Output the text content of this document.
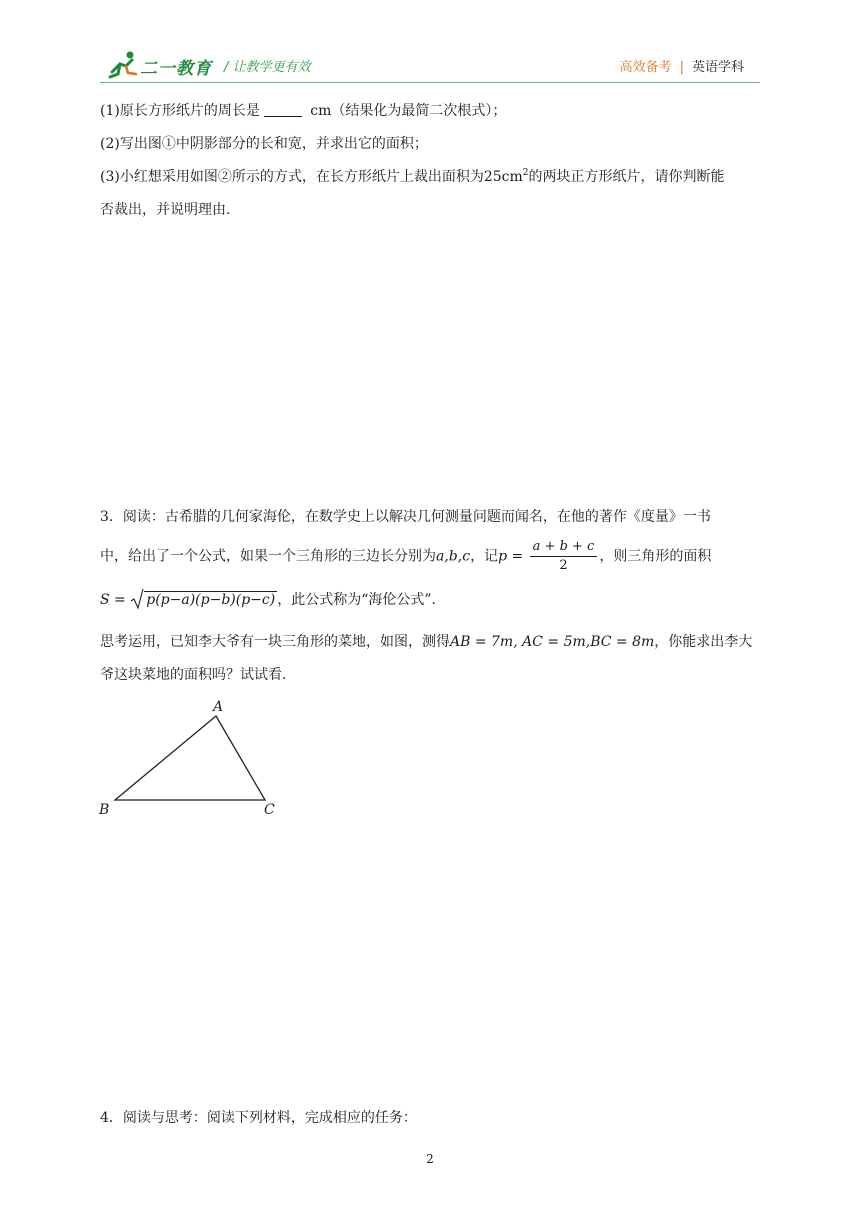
二一教育 / 让教学更有效	高效备考 | 英语学科
(1)原长方形纸片的周长是	cm（结果化为最简二次根式）；
(2)写出图①中阴影部分的长和宽，并求出它的面积；
(3)小红想采用如图②所示的方式，在长方形纸片上裁出面积为$25cm^2$的两块正方形纸片，请你判断能
否裁出，并说明理由.
3．阅读：古希腊的几何家海伦，在数学史上以解决几何测量问题而闻名，在他的著作《度量》一书
中，给出了一个公式，如果一个三角形的三边长分别为a,b,c，记$p = \frac{a + b + c}{2}$ ，则三角形的面积
S = p(p−a)(p−b)(p−c) ，此公式称为“海伦公式”.
思考运用，已知李大爷有一块三角形的菜地，如图，测得AB = 7m, AC = 5m,BC = 8m，你能求出李大
爷这块菜地的面积吗？试试看.
A
B	C
4．阅读与思考：阅读下列材料，完成相应的任务：
2
